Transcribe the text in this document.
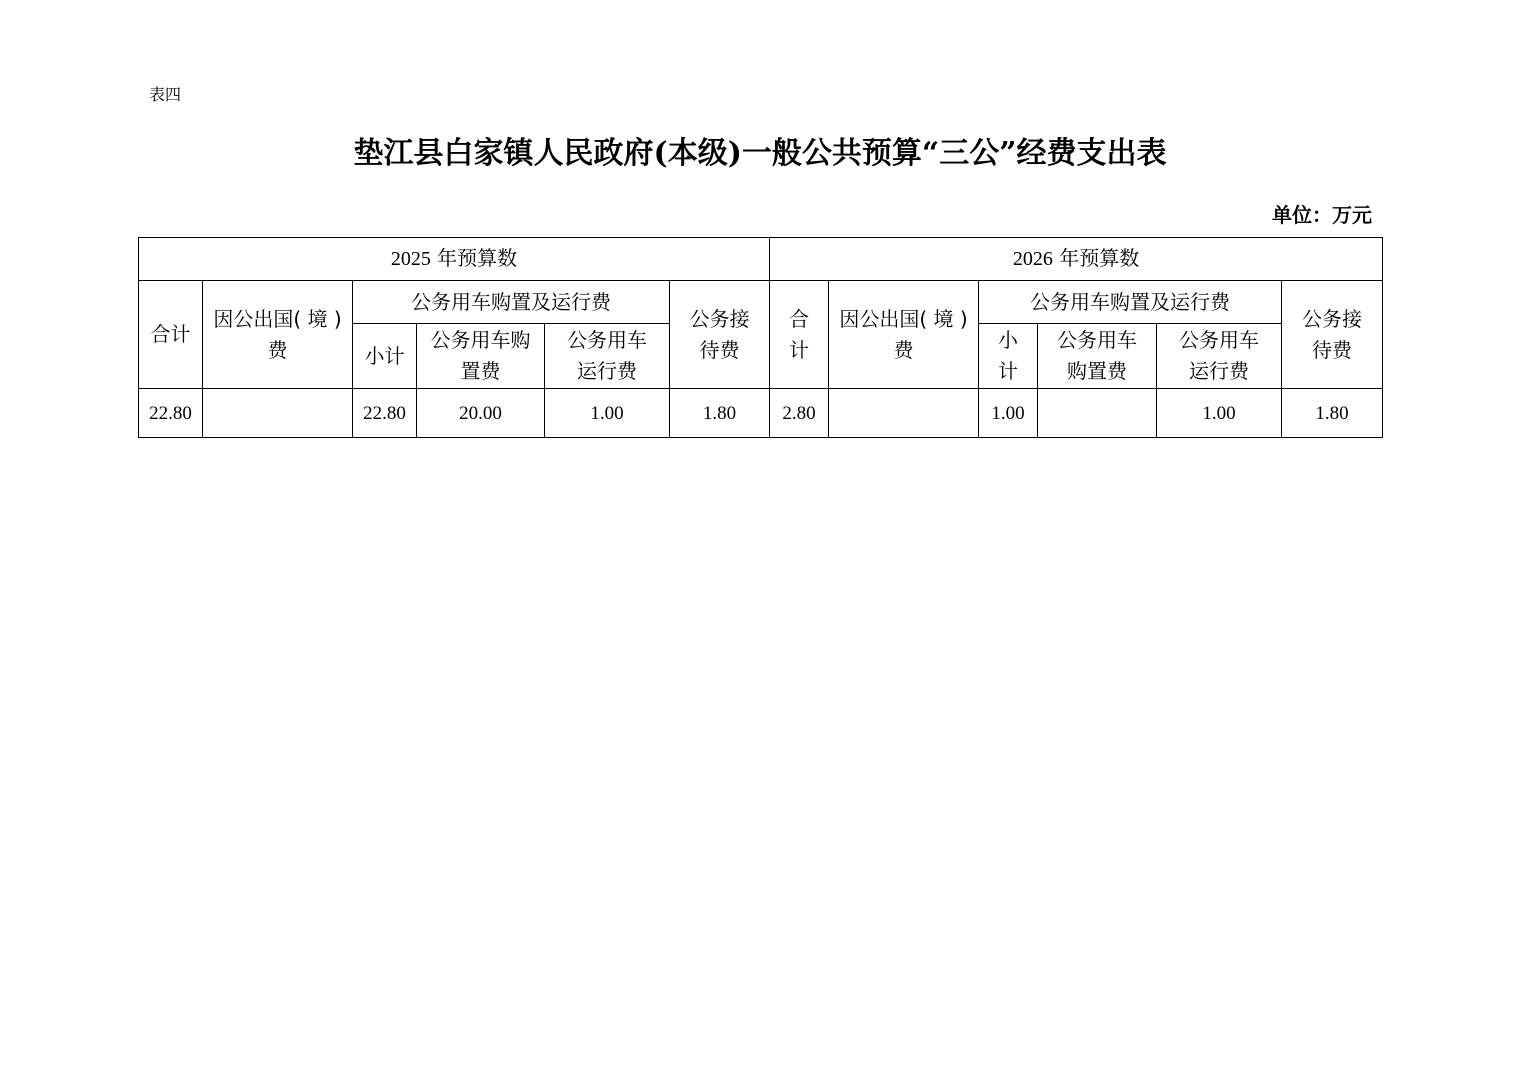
表四
垫江县白家镇人民政府(本级)一般公共预算“三公”经费支出表
单位：万元
2025 年预算数						2026 年预算数					

合计	因公出国( 境 ) 费	公务用车购置及运行费			公务接待费	合计	因公出国( 境 ) 费	公务用车购置及运行费			公务接待费

		小计	公务用车购置费	公务用车运行费				小计	公务用车购置费	公务用车运行费	

22.80		22.80	20.00	1.00	1.80	2.80		1.00		1.00	1.80
